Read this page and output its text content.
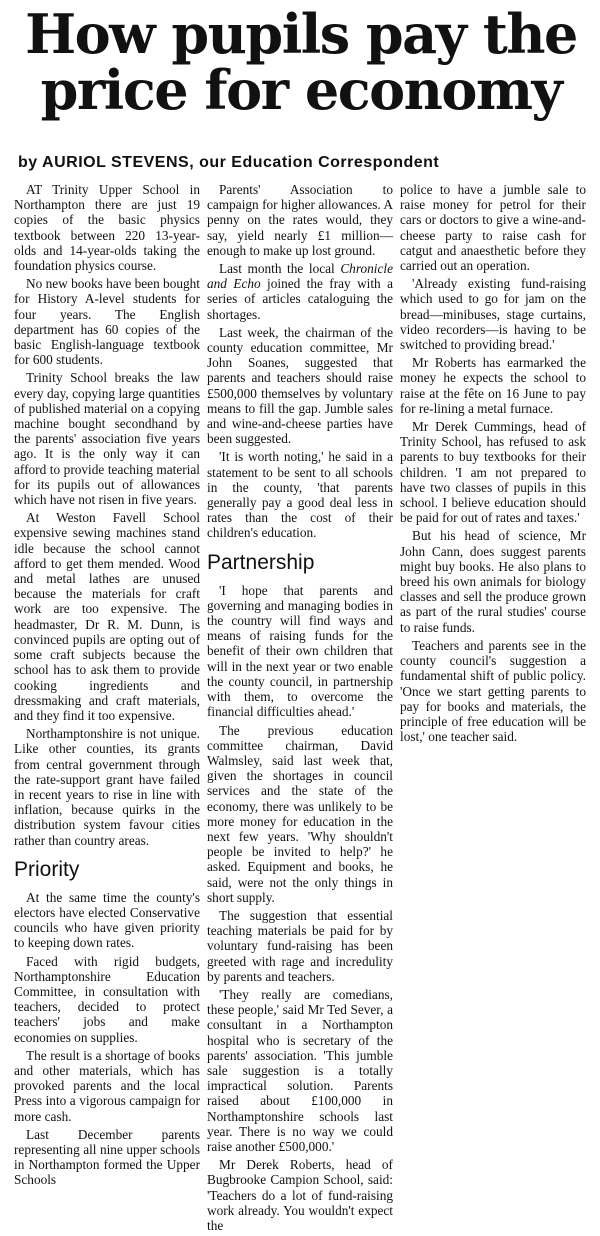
How pupils pay the
price for economy
by AURIOL STEVENS, our Education Correspondent

AT Trinity Upper School in Northampton there are just 19 copies of the basic physics textbook between 220 13-year-olds and 14-year-olds taking the foundation physics course.

No new books have been bought for History A-level students for four years. The English department has 60 copies of the basic English-language textbook for 600 students.

Trinity School breaks the law every day, copying large quantities of published material on a copying machine bought secondhand by the parents' association five years ago. It is the only way it can afford to provide teaching material for its pupils out of allowances which have not risen in five years.

At Weston Favell School expensive sewing machines stand idle because the school cannot afford to get them mended. Wood and metal lathes are unused because the materials for craft work are too expensive. The headmaster, Dr R. M. Dunn, is convinced pupils are opting out of some craft subjects because the school has to ask them to provide cooking ingredients and dressmaking and craft materials, and they find it too expensive.

Northamptonshire is not unique. Like other counties, its grants from central government through the rate-support grant have failed in recent years to rise in line with inflation, because quirks in the distribution system favour cities rather than country areas.

Priority

At the same time the county's electors have elected Conservative councils who have given priority to keeping down rates.

Faced with rigid budgets, Northamptonshire Education Committee, in consultation with teachers, decided to protect teachers' jobs and make economies on supplies.

The result is a shortage of books and other materials, which has provoked parents and the local Press into a vigorous campaign for more cash.

Last December parents representing all nine upper schools in Northampton formed the Upper Schools

Parents' Association to campaign for higher allowances. A penny on the rates would, they say, yield nearly £1 million—enough to make up lost ground.

Last month the local Chronicle and Echo joined the fray with a series of articles cataloguing the shortages.

Last week, the chairman of the county education committee, Mr John Soanes, suggested that parents and teachers should raise £500,000 themselves by voluntary means to fill the gap. Jumble sales and wine-and-cheese parties have been suggested.

'It is worth noting,' he said in a statement to be sent to all schools in the county, 'that parents generally pay a good deal less in rates than the cost of their children's education.

Partnership

'I hope that parents and governing and managing bodies in the country will find ways and means of raising funds for the benefit of their own children that will in the next year or two enable the county council, in partnership with them, to overcome the financial difficulties ahead.'

The previous education committee chairman, David Walmsley, said last week that, given the shortages in council services and the state of the economy, there was unlikely to be more money for education in the next few years. 'Why shouldn't people be invited to help?' he asked. Equipment and books, he said, were not the only things in short supply.

The suggestion that essential teaching materials be paid for by voluntary fund-raising has been greeted with rage and incredulity by parents and teachers.

'They really are comedians, these people,' said Mr Ted Sever, a consultant in a Northampton hospital who is secretary of the parents' association. 'This jumble sale suggestion is a totally impractical solution. Parents raised about £100,000 in Northamptonshire schools last year. There is no way we could raise another £500,000.'

Mr Derek Roberts, head of Bugbrooke Campion School, said: 'Teachers do a lot of fund-raising work already. You wouldn't expect the

police to have a jumble sale to raise money for petrol for their cars or doctors to give a wine-and-cheese party to raise cash for catgut and anaesthetic before they carried out an operation.

'Already existing fund-raising which used to go for jam on the bread—minibuses, stage curtains, video recorders—is having to be switched to providing bread.'

Mr Roberts has earmarked the money he expects the school to raise at the fête on 16 June to pay for re-lining a metal furnace.

Mr Derek Cummings, head of Trinity School, has refused to ask parents to buy textbooks for their children. 'I am not prepared to have two classes of pupils in this school. I believe education should be paid for out of rates and taxes.'

But his head of science, Mr John Cann, does suggest parents might buy books. He also plans to breed his own animals for biology classes and sell the produce grown as part of the rural studies' course to raise funds.

Teachers and parents see in the county council's suggestion a fundamental shift of public policy. 'Once we start getting parents to pay for books and materials, the principle of free education will be lost,' one teacher said.
